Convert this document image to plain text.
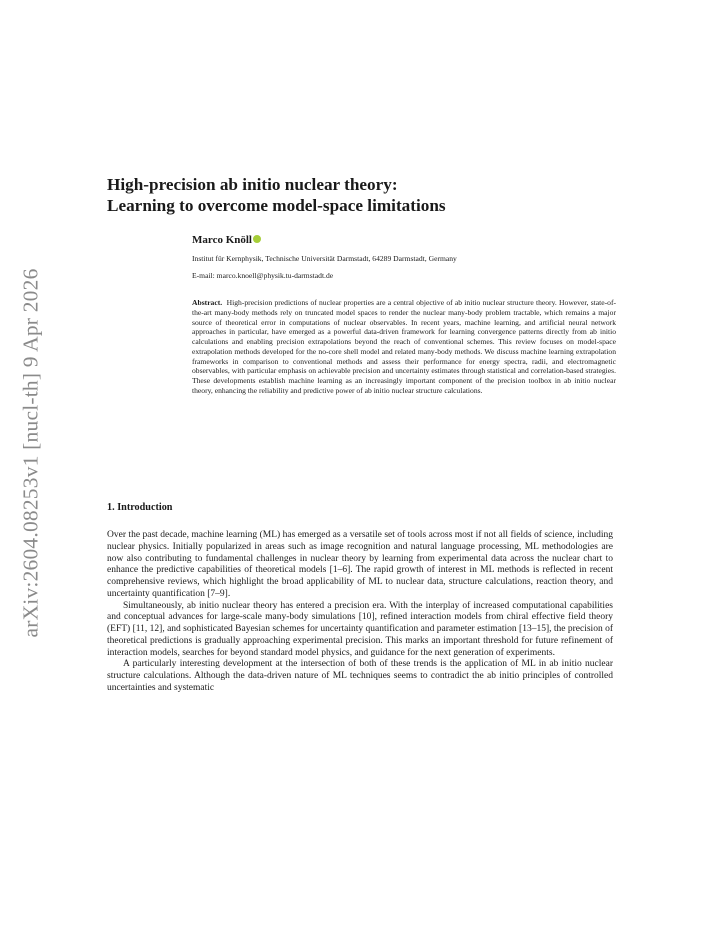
arXiv:2604.08253v1 [nucl-th] 9 Apr 2026
High-precision ab initio nuclear theory:
Learning to overcome model-space limitations

Marco Knöll

Institut für Kernphysik, Technische Universität Darmstadt, 64289 Darmstadt, Germany

E-mail: marco.knoell@physik.tu-darmstadt.de

Abstract. High-precision predictions of nuclear properties are a central objective of ab initio nuclear structure theory. However, state-of-the-art many-body methods rely on truncated model spaces to render the nuclear many-body problem tractable, which remains a major source of theoretical error in computations of nuclear observables. In recent years, machine learning, and artificial neural network approaches in particular, have emerged as a powerful data-driven framework for learning convergence patterns directly from ab initio calculations and enabling precision extrapolations beyond the reach of conventional schemes. This review focuses on model-space extrapolation methods developed for the no-core shell model and related many-body methods. We discuss machine learning extrapolation frameworks in comparison to conventional methods and assess their performance for energy spectra, radii, and electromagnetic observables, with particular emphasis on achievable precision and uncertainty estimates through statistical and correlation-based strategies. These developments establish machine learning as an increasingly important component of the precision toolbox in ab initio nuclear theory, enhancing the reliability and predictive power of ab initio nuclear structure calculations.

1. Introduction

Over the past decade, machine learning (ML) has emerged as a versatile set of tools across most if not all fields of science, including nuclear physics. Initially popularized in areas such as image recognition and natural language processing, ML methodologies are now also contributing to fundamental challenges in nuclear theory by learning from experimental data across the nuclear chart to enhance the predictive capabilities of theoretical models [1–6]. The rapid growth of interest in ML methods is reflected in recent comprehensive reviews, which highlight the broad applicability of ML to nuclear data, structure calculations, reaction theory, and uncertainty quantification [7–9].

Simultaneously, ab initio nuclear theory has entered a precision era. With the interplay of increased computational capabilities and conceptual advances for large-scale many-body simulations [10], refined interaction models from chiral effective field theory (EFT) [11, 12], and sophisticated Bayesian schemes for uncertainty quantification and parameter estimation [13–15], the precision of theoretical predictions is gradually approaching experimental precision. This marks an important threshold for future refinement of interaction models, searches for beyond standard model physics, and guidance for the next generation of experiments.

A particularly interesting development at the intersection of both of these trends is the application of ML in ab initio nuclear structure calculations. Although the data-driven nature of ML techniques seems to contradict the ab initio principles of controlled uncertainties and systematic
